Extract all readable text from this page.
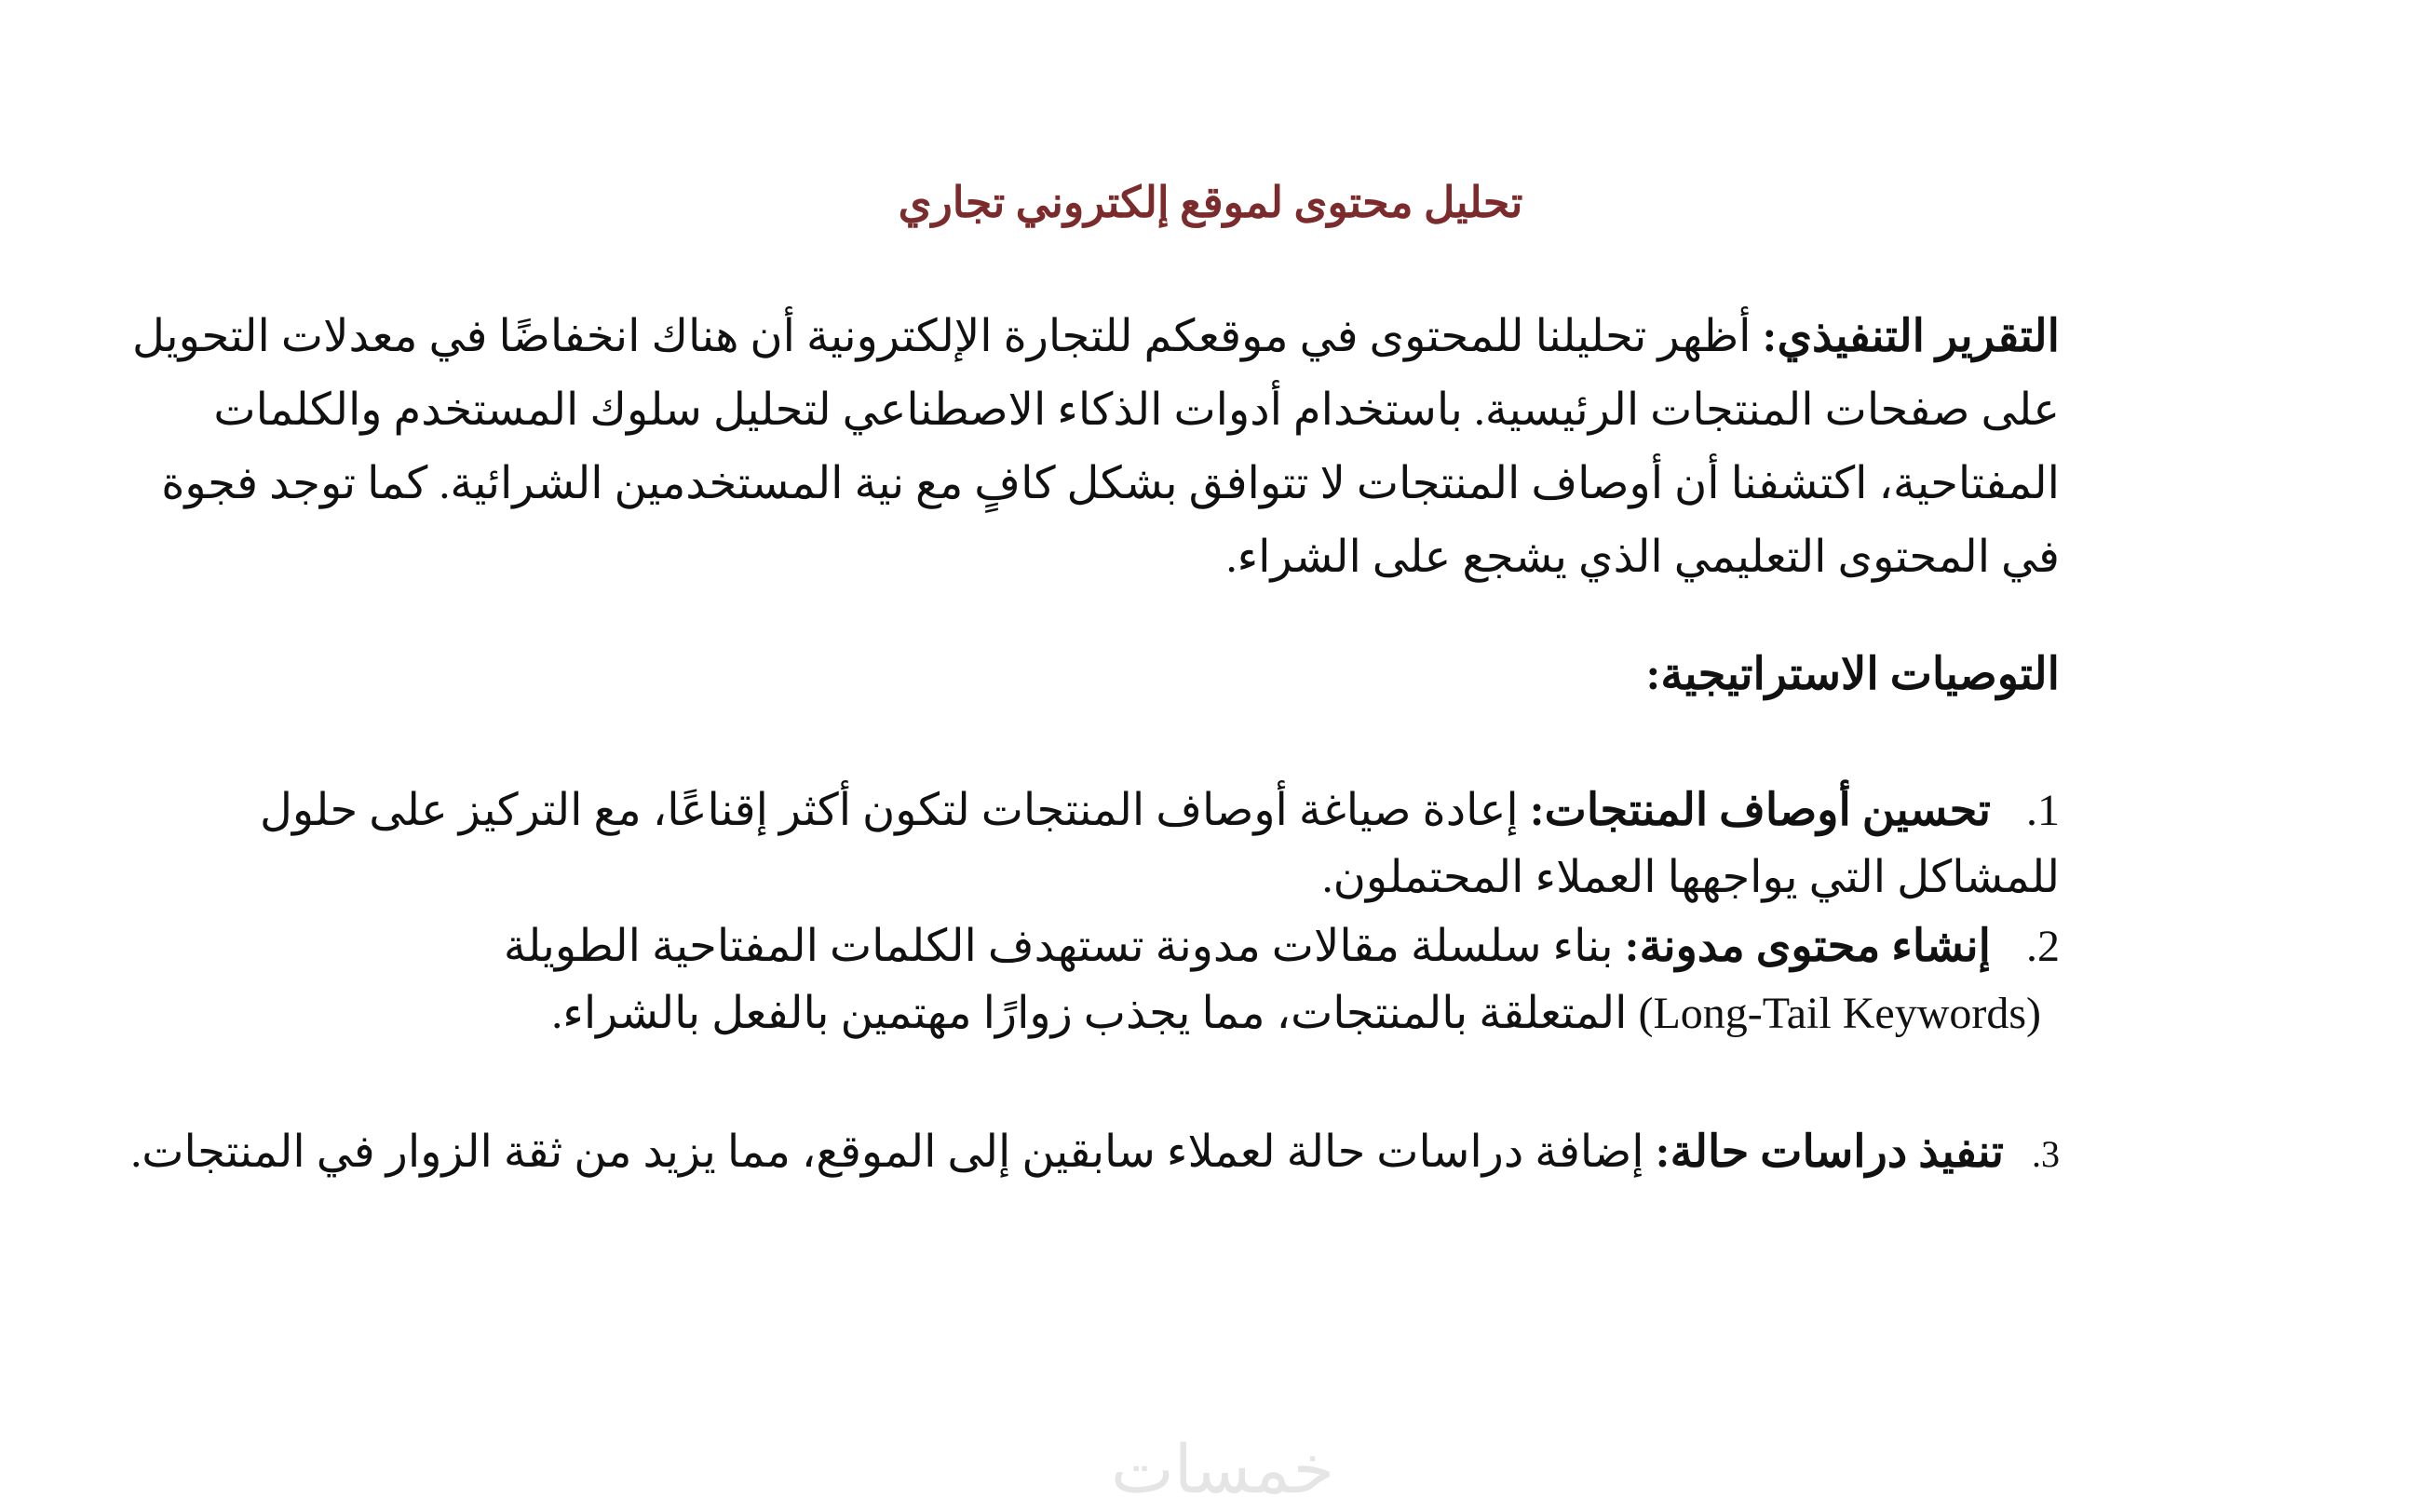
تحليل محتوى لموقع إلكتروني تجاري
التقرير التنفيذي: أظهر تحليلنا للمحتوى في موقعكم للتجارة الإلكترونية أن هناك انخفاضًا في معدلات التحويل على صفحات المنتجات الرئيسية. باستخدام أدوات الذكاء الاصطناعي لتحليل سلوك المستخدم والكلمات المفتاحية، اكتشفنا أن أوصاف المنتجات لا تتوافق بشكل كافٍ مع نية المستخدمين الشرائية. كما توجد فجوة في المحتوى التعليمي الذي يشجع على الشراء.
التوصيات الاستراتيجية:
1.تحسين أوصاف المنتجات: إعادة صياغة أوصاف المنتجات لتكون أكثر إقناعًا، مع التركيز على حلول للمشاكل التي يواجهها العملاء المحتملون.
2.إنشاء محتوى مدونة: بناء سلسلة مقالات مدونة تستهدف الكلمات المفتاحية الطويلة (Long-Tail Keywords) المتعلقة بالمنتجات، مما يجذب زوارًا مهتمين بالفعل بالشراء.
3.تنفيذ دراسات حالة: إضافة دراسات حالة لعملاء سابقين إلى الموقع، مما يزيد من ثقة الزوار في المنتجات.
خمسات
